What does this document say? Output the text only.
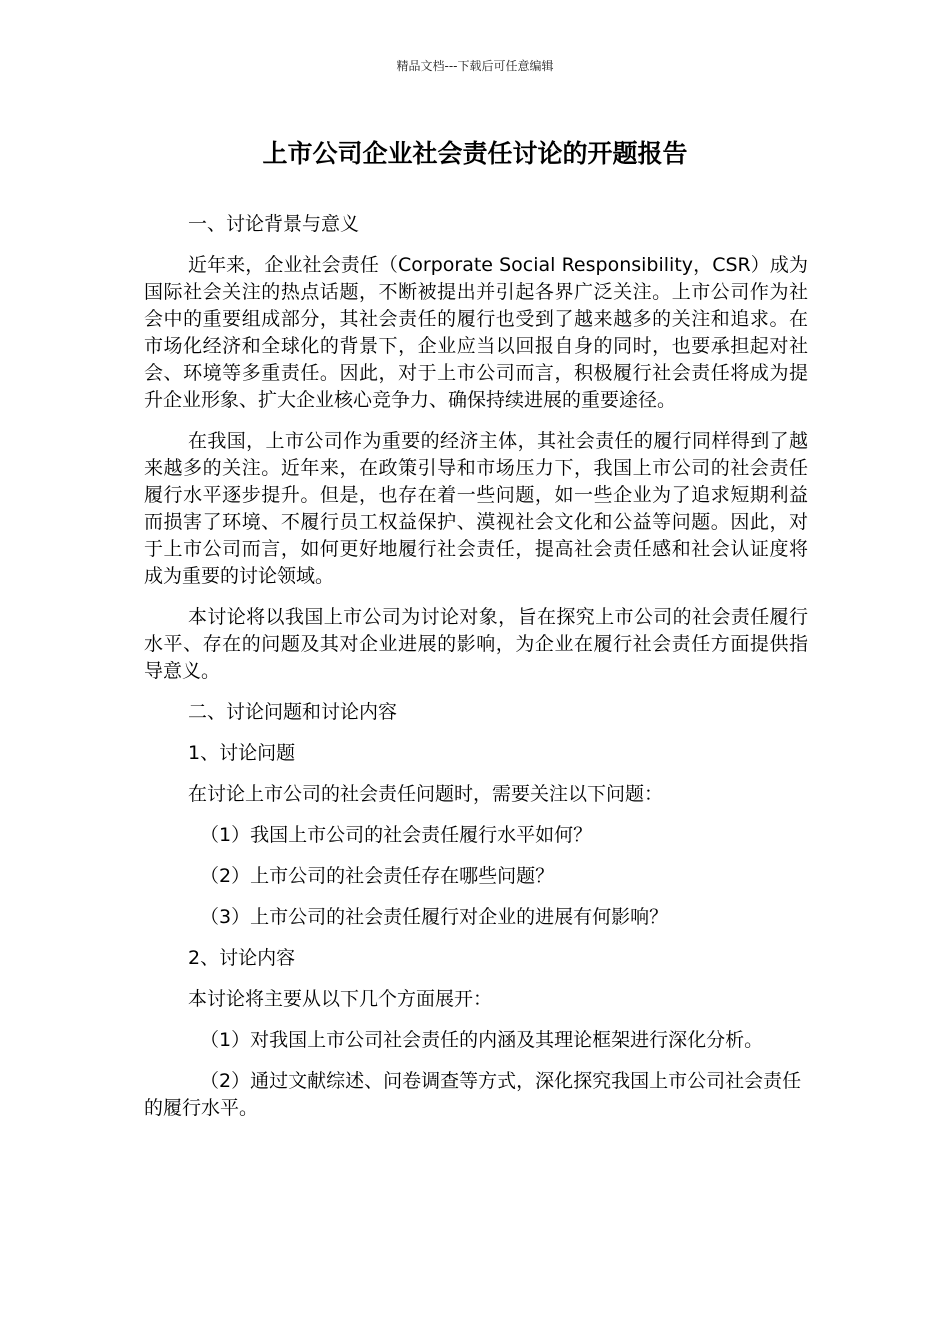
精品文档---下载后可任意编辑
上市公司企业社会责任讨论的开题报告

一、讨论背景与意义

近年来，企业社会责任（Corporate Social Responsibility，CSR）成为国际社会关注的热点话题，不断被提出并引起各界广泛关注。上市公司作为社会中的重要组成部分，其社会责任的履行也受到了越来越多的关注和追求。在市场化经济和全球化的背景下，企业应当以回报自身的同时，也要承担起对社会、环境等多重责任。因此，对于上市公司而言，积极履行社会责任将成为提升企业形象、扩大企业核心竞争力、确保持续进展的重要途径。

在我国，上市公司作为重要的经济主体，其社会责任的履行同样得到了越来越多的关注。近年来，在政策引导和市场压力下，我国上市公司的社会责任履行水平逐步提升。但是，也存在着一些问题，如一些企业为了追求短期利益而损害了环境、不履行员工权益保护、漠视社会文化和公益等问题。因此，对于上市公司而言，如何更好地履行社会责任，提高社会责任感和社会认证度将成为重要的讨论领域。

本讨论将以我国上市公司为讨论对象，旨在探究上市公司的社会责任履行水平、存在的问题及其对企业进展的影响，为企业在履行社会责任方面提供指导意义。

二、讨论问题和讨论内容

1、讨论问题

在讨论上市公司的社会责任问题时，需要关注以下问题：

（1）我国上市公司的社会责任履行水平如何？

（2）上市公司的社会责任存在哪些问题？

（3）上市公司的社会责任履行对企业的进展有何影响？

2、讨论内容

本讨论将主要从以下几个方面展开：

（1）对我国上市公司社会责任的内涵及其理论框架进行深化分析。

（2）通过文献综述、问卷调查等方式，深化探究我国上市公司社会责任的履行水平。
